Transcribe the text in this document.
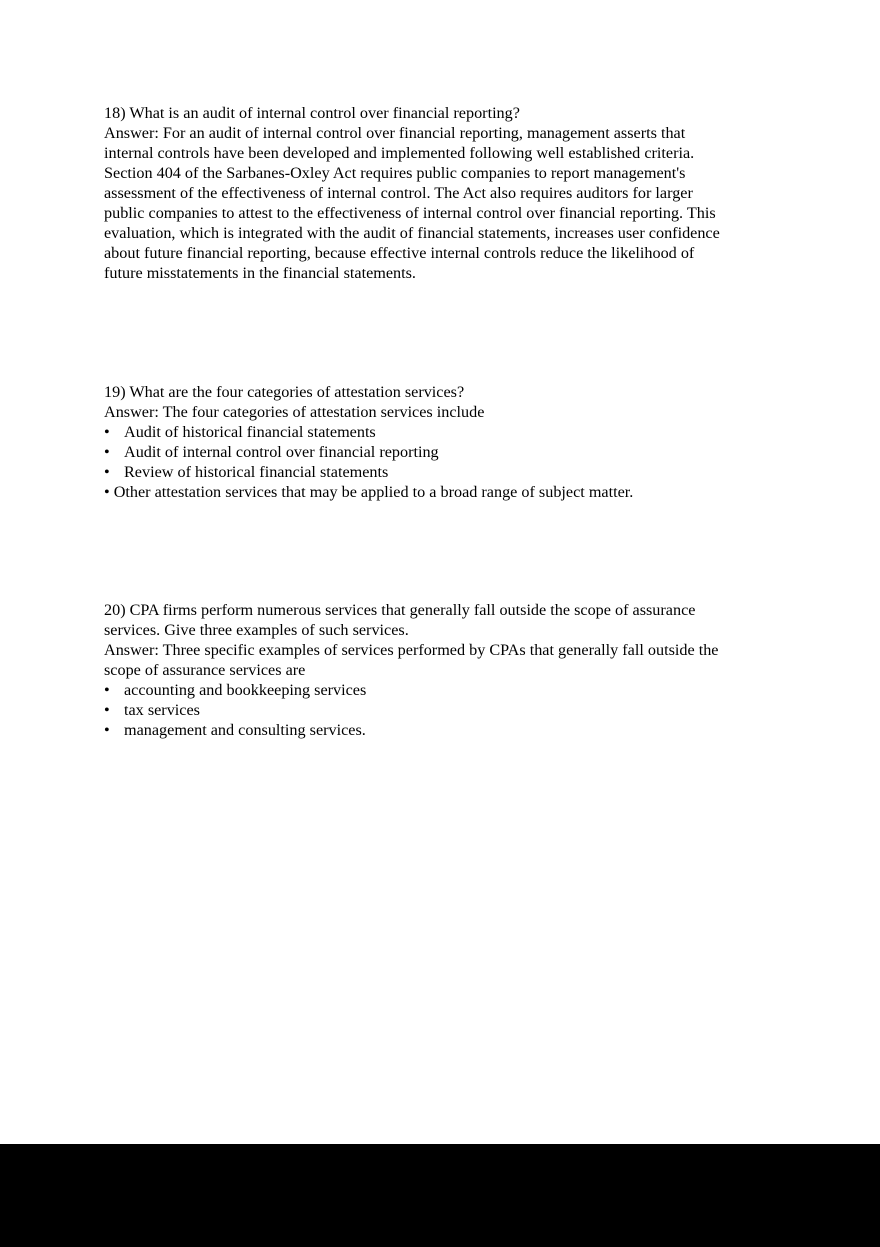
18) What is an audit of internal control over financial reporting?
Answer: For an audit of internal control over financial reporting, management asserts that
internal controls have been developed and implemented following well established criteria.
Section 404 of the Sarbanes-Oxley Act requires public companies to report management's
assessment of the effectiveness of internal control. The Act also requires auditors for larger
public companies to attest to the effectiveness of internal control over financial reporting. This
evaluation, which is integrated with the audit of financial statements, increases user confidence
about future financial reporting, because effective internal controls reduce the likelihood of
future misstatements in the financial statements.
19) What are the four categories of attestation services?
Answer: The four categories of attestation services include
• Audit of historical financial statements
• Audit of internal control over financial reporting
• Review of historical financial statements
• Other attestation services that may be applied to a broad range of subject matter.
20) CPA firms perform numerous services that generally fall outside the scope of assurance
services. Give three examples of such services.
Answer: Three specific examples of services performed by CPAs that generally fall outside the
scope of assurance services are
• accounting and bookkeeping services
• tax services
• management and consulting services.
